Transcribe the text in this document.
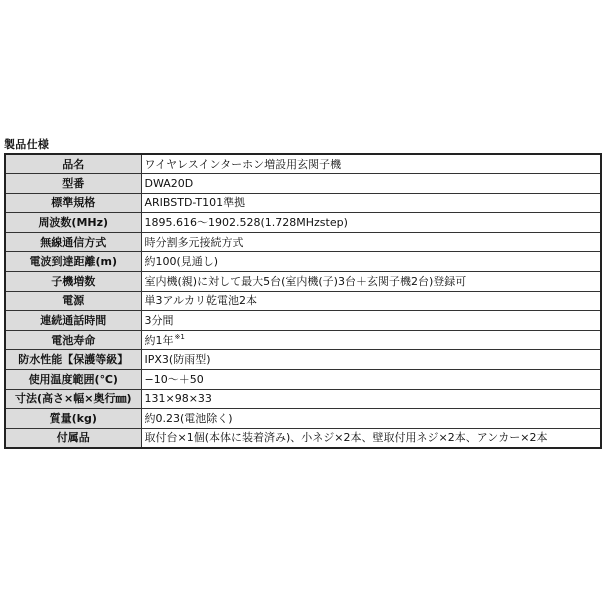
製品仕様
品名	ワイヤレスインターホン増設用玄関子機
型番	DWA20D
標準規格	ARIBSTD-T101準拠
周波数(MHz)	1895.616〜1902.528(1.728MHzstep)
無線通信方式	時分割多元接続方式
電波到達距離(m)	約100(見通し)
子機増数	室内機(親)に対して最大5台(室内機(子)3台＋玄関子機2台)登録可
電源	単3アルカリ乾電池2本
連続通話時間	3分間
電池寿命	約1年$^{※1}$
防水性能【保護等級】	IPX3(防雨型)
使用温度範囲(℃)	−10〜＋50
寸法(高さ×幅×奥行㎜)	131×98×33
質量(kg)	約0.23(電池除く)
付属品	取付台×1個(本体に装着済み)、小ネジ×2本、壁取付用ネジ×2本、アンカー×2本
